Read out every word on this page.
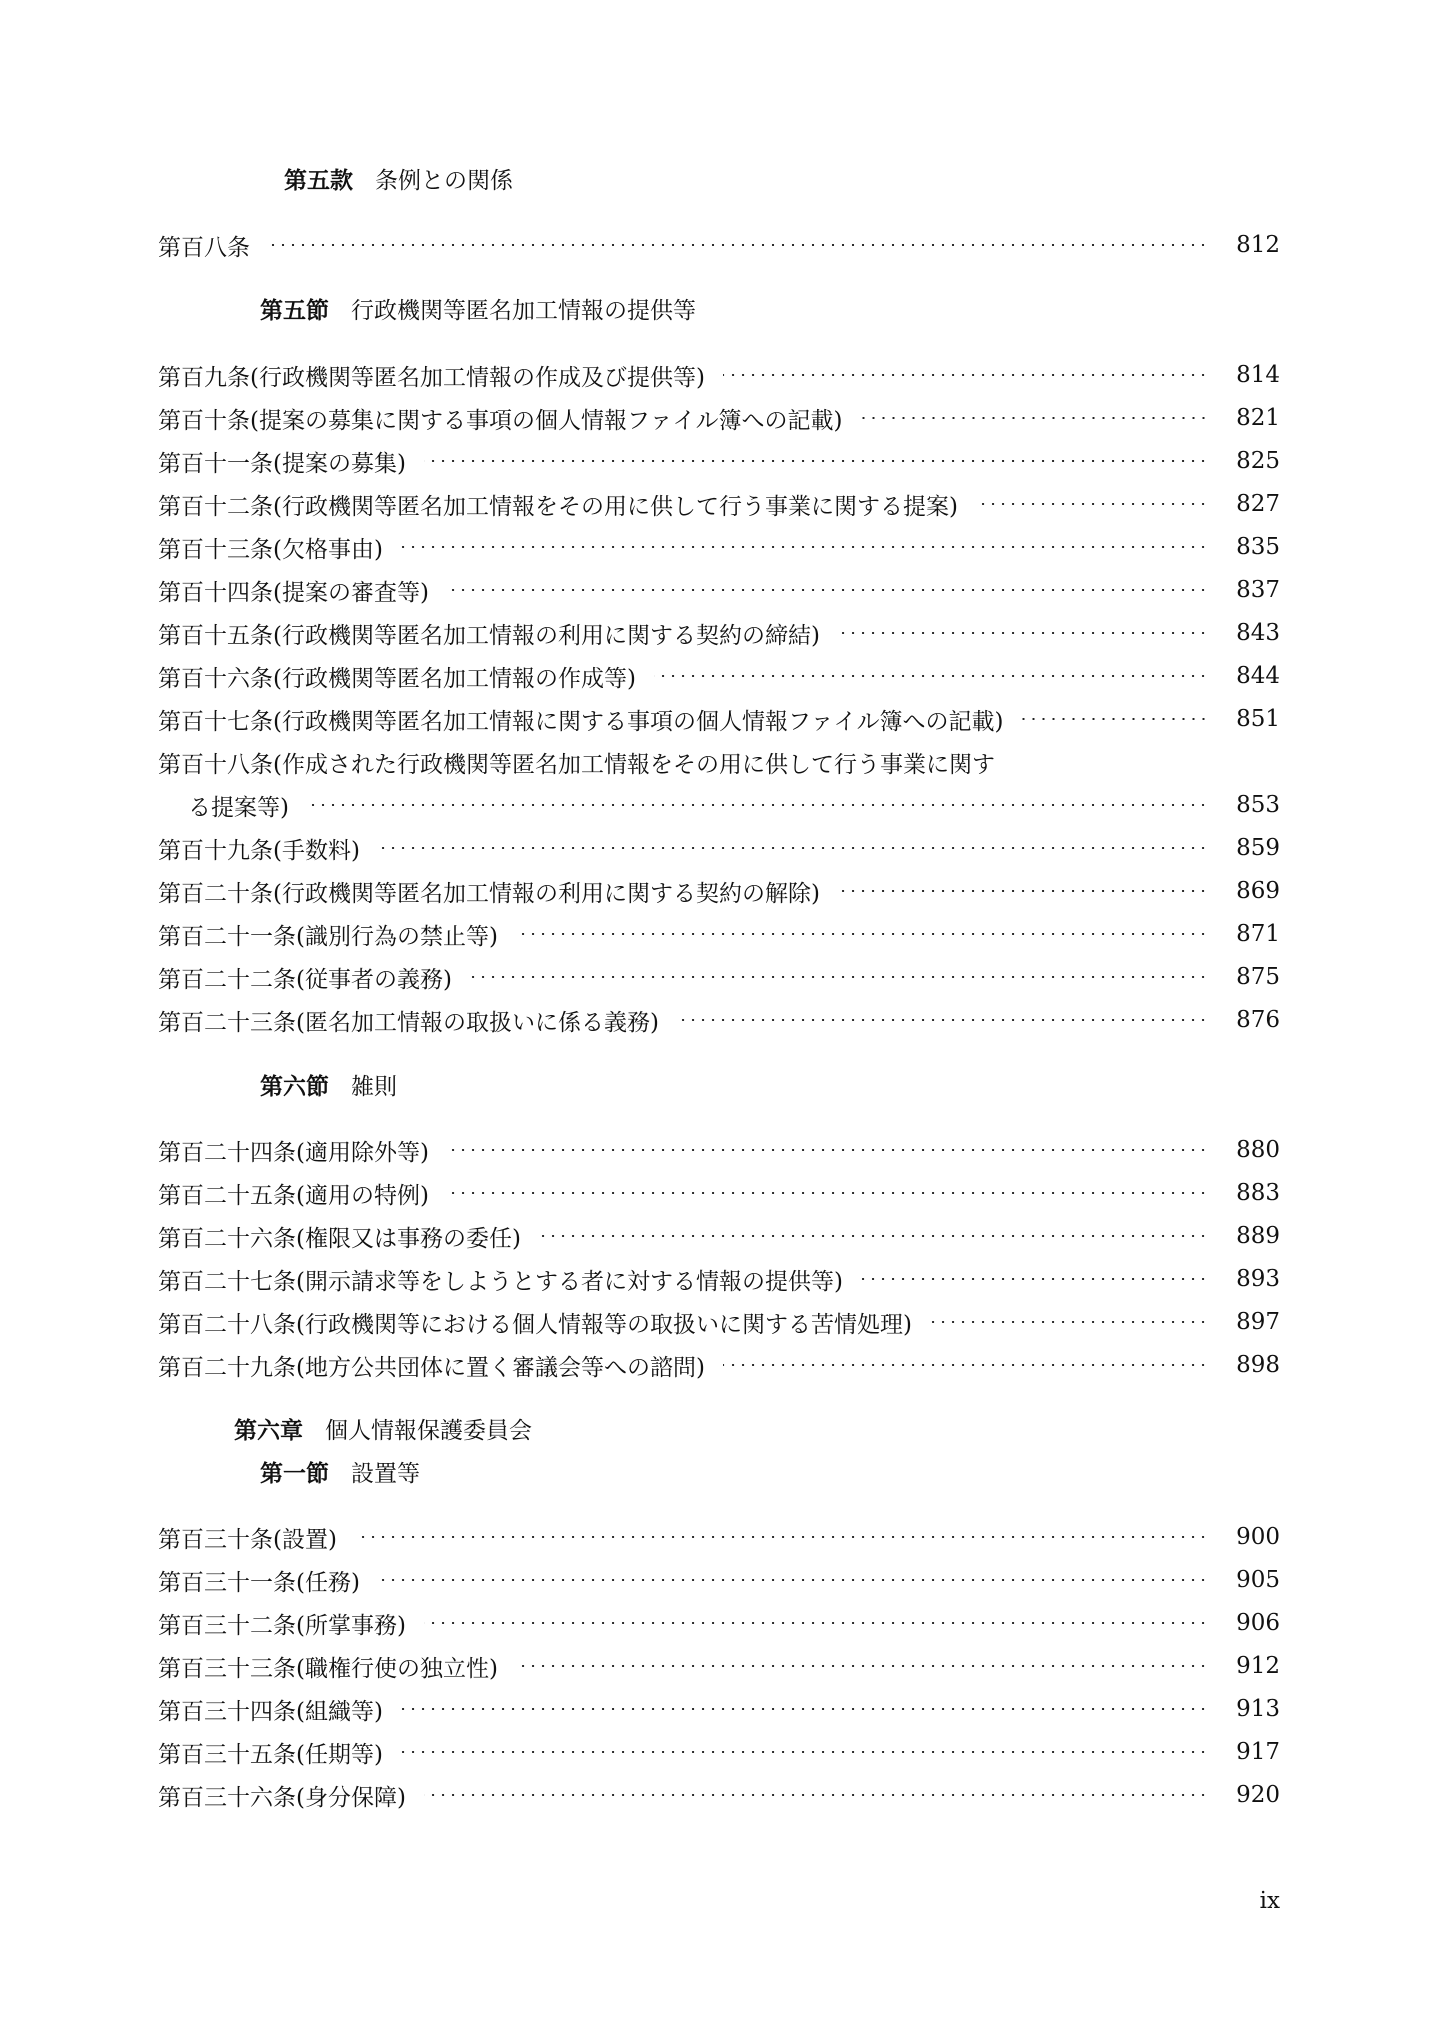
第五款 条例との関係
第百八条	812
第五節 行政機関等匿名加工情報の提供等
第百九条(行政機関等匿名加工情報の作成及び提供等)	814
第百十条(提案の募集に関する事項の個人情報ファイル簿への記載)	821
第百十一条(提案の募集)	825
第百十二条(行政機関等匿名加工情報をその用に供して行う事業に関する提案)	827
第百十三条(欠格事由)	835
第百十四条(提案の審査等)	837
第百十五条(行政機関等匿名加工情報の利用に関する契約の締結)	843
第百十六条(行政機関等匿名加工情報の作成等)	844
第百十七条(行政機関等匿名加工情報に関する事項の個人情報ファイル簿への記載)	851
第百十八条(作成された行政機関等匿名加工情報をその用に供して行う事業に関す
る提案等)	853
第百十九条(手数料)	859
第百二十条(行政機関等匿名加工情報の利用に関する契約の解除)	869
第百二十一条(識別行為の禁止等)	871
第百二十二条(従事者の義務)	875
第百二十三条(匿名加工情報の取扱いに係る義務)	876
第六節 雑則
第百二十四条(適用除外等)	880
第百二十五条(適用の特例)	883
第百二十六条(権限又は事務の委任)	889
第百二十七条(開示請求等をしようとする者に対する情報の提供等)	893
第百二十八条(行政機関等における個人情報等の取扱いに関する苦情処理)	897
第百二十九条(地方公共団体に置く審議会等への諮問)	898
第六章 個人情報保護委員会
第一節 設置等
第百三十条(設置)	900
第百三十一条(任務)	905
第百三十二条(所掌事務)	906
第百三十三条(職権行使の独立性)	912
第百三十四条(組織等)	913
第百三十五条(任期等)	917
第百三十六条(身分保障)	920
ix
